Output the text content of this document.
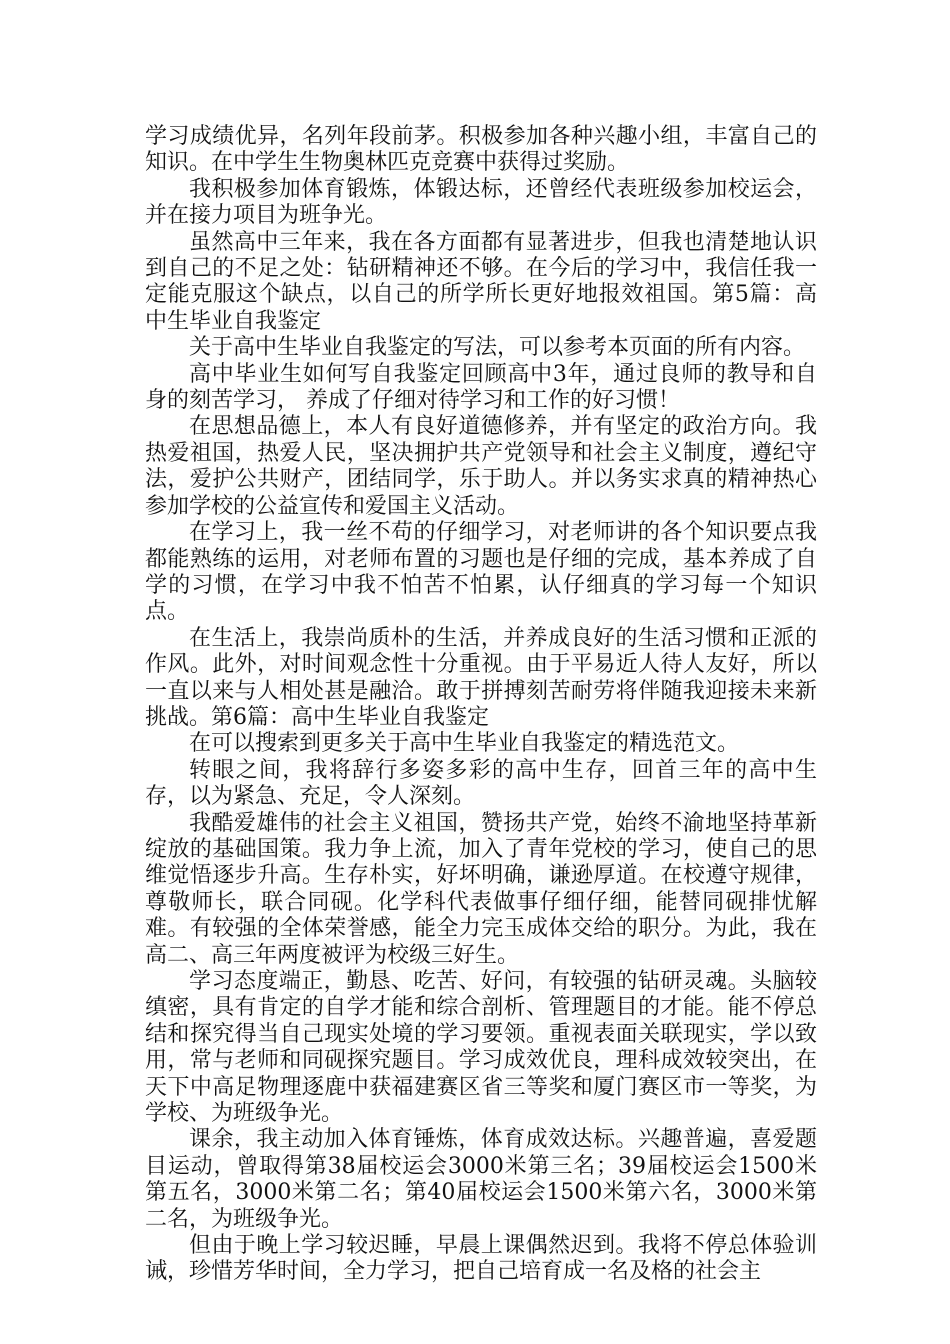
学习成绩优异，名列年段前茅。积极参加各种兴趣小组，丰富自己的知识。在中学生生物奥林匹克竞赛中获得过奖励。

我积极参加体育锻炼，体锻达标，还曾经代表班级参加校运会，并在接力项目为班争光。

虽然高中三年来，我在各方面都有显著进步，但我也清楚地认识到自己的不足之处：钻研精神还不够。在今后的学习中，我信任我一定能克服这个缺点，以自己的所学所长更好地报效祖国。第5篇：高中生毕业自我鉴定

关于高中生毕业自我鉴定的写法，可以参考本页面的所有内容。

高中毕业生如何写自我鉴定回顾高中3年，通过良师的教导和自身的刻苦学习， 养成了仔细对待学习和工作的好习惯！

在思想品德上，本人有良好道德修养，并有坚定的政治方向。我热爱祖国，热爱人民，坚决拥护共产党领导和社会主义制度，遵纪守法，爱护公共财产，团结同学，乐于助人。并以务实求真的精神热心参加学校的公益宣传和爱国主义活动。

在学习上，我一丝不苟的仔细学习，对老师讲的各个知识要点我都能熟练的运用，对老师布置的习题也是仔细的完成，基本养成了自学的习惯，在学习中我不怕苦不怕累，认仔细真的学习每一个知识点。

在生活上，我崇尚质朴的生活，并养成良好的生活习惯和正派的作风。此外，对时间观念性十分重视。由于平易近人待人友好，所以一直以来与人相处甚是融洽。敢于拼搏刻苦耐劳将伴随我迎接未来新挑战。第6篇：高中生毕业自我鉴定

在可以搜索到更多关于高中生毕业自我鉴定的精选范文。

转眼之间，我将辞行多姿多彩的高中生存，回首三年的高中生存，以为紧急、充足，令人深刻。

我酷爱雄伟的社会主义祖国，赞扬共产党，始终不渝地坚持革新绽放的基础国策。我力争上流，加入了青年党校的学习，使自己的思维觉悟逐步升高。生存朴实，好坏明确，谦逊厚道。在校遵守规律，尊敬师长，联合同砚。化学科代表做事仔细仔细，能替同砚排忧解难。有较强的全体荣誉感，能全力完玉成体交给的职分。为此，我在高二、高三年两度被评为校级三好生。

学习态度端正，勤恳、吃苦、好问，有较强的钻研灵魂。头脑较缜密，具有肯定的自学才能和综合剖析、管理题目的才能。能不停总结和探究得当自己现实处境的学习要领。重视表面关联现实，学以致用，常与老师和同砚探究题目。学习成效优良，理科成效较突出，在天下中高足物理逐鹿中获福建赛区省三等奖和厦门赛区市一等奖，为学校、为班级争光。

课余，我主动加入体育锤炼，体育成效达标。兴趣普遍，喜爱题目运动，曾取得第38届校运会3000米第三名；39届校运会1500米第五名，3000米第二名；第40届校运会1500米第六名，3000米第二名，为班级争光。

但由于晚上学习较迟睡，早晨上课偶然迟到。我将不停总体验训诫，珍惜芳华时间，全力学习，把自己培育成一名及格的社会主
